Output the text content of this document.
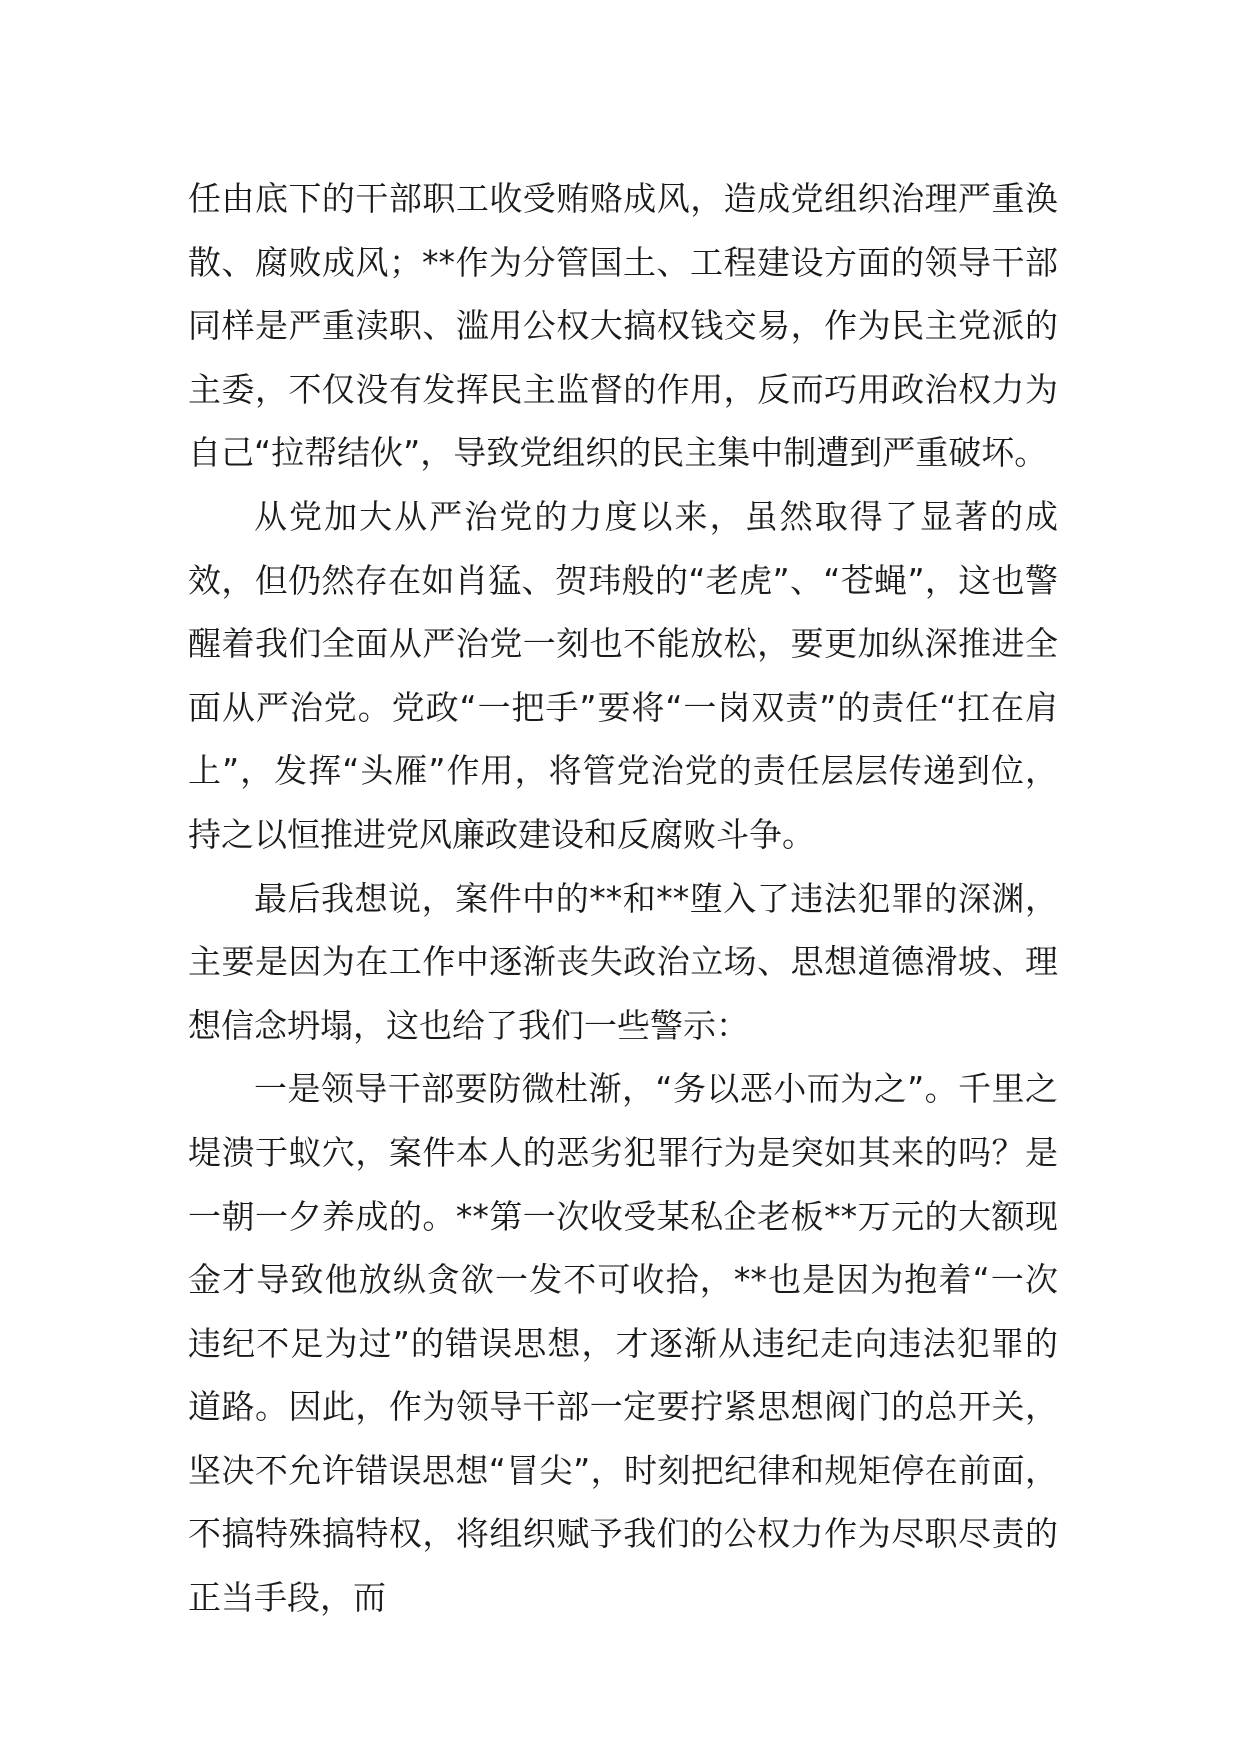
任由底下的干部职工收受贿赂成风，造成党组织治理严重涣散、腐败成风；**作为分管国土、工程建设方面的领导干部同样是严重渎职、滥用公权大搞权钱交易，作为民主党派的主委，不仅没有发挥民主监督的作用，反而巧用政治权力为自己“拉帮结伙”，导致党组织的民主集中制遭到严重破坏。

从党加大从严治党的力度以来，虽然取得了显著的成效，但仍然存在如肖猛、贺玮般的“老虎”、“苍蝇”，这也警醒着我们全面从严治党一刻也不能放松，要更加纵深推进全面从严治党。党政“一把手”要将“一岗双责”的责任“扛在肩上”，发挥“头雁”作用，将管党治党的责任层层传递到位，持之以恒推进党风廉政建设和反腐败斗争。

最后我想说，案件中的**和**堕入了违法犯罪的深渊，主要是因为在工作中逐渐丧失政治立场、思想道德滑坡、理想信念坍塌，这也给了我们一些警示：

一是领导干部要防微杜渐，“务以恶小而为之”。千里之堤溃于蚁穴，案件本人的恶劣犯罪行为是突如其来的吗？是一朝一夕养成的。**第一次收受某私企老板**万元的大额现金才导致他放纵贪欲一发不可收拾，**也是因为抱着“一次违纪不足为过”的错误思想，才逐渐从违纪走向违法犯罪的道路。因此，作为领导干部一定要拧紧思想阀门的总开关，坚决不允许错误思想“冒尖”，时刻把纪律和规矩停在前面，不搞特殊搞特权，将组织赋予我们的公权力作为尽职尽责的正当手段，而
